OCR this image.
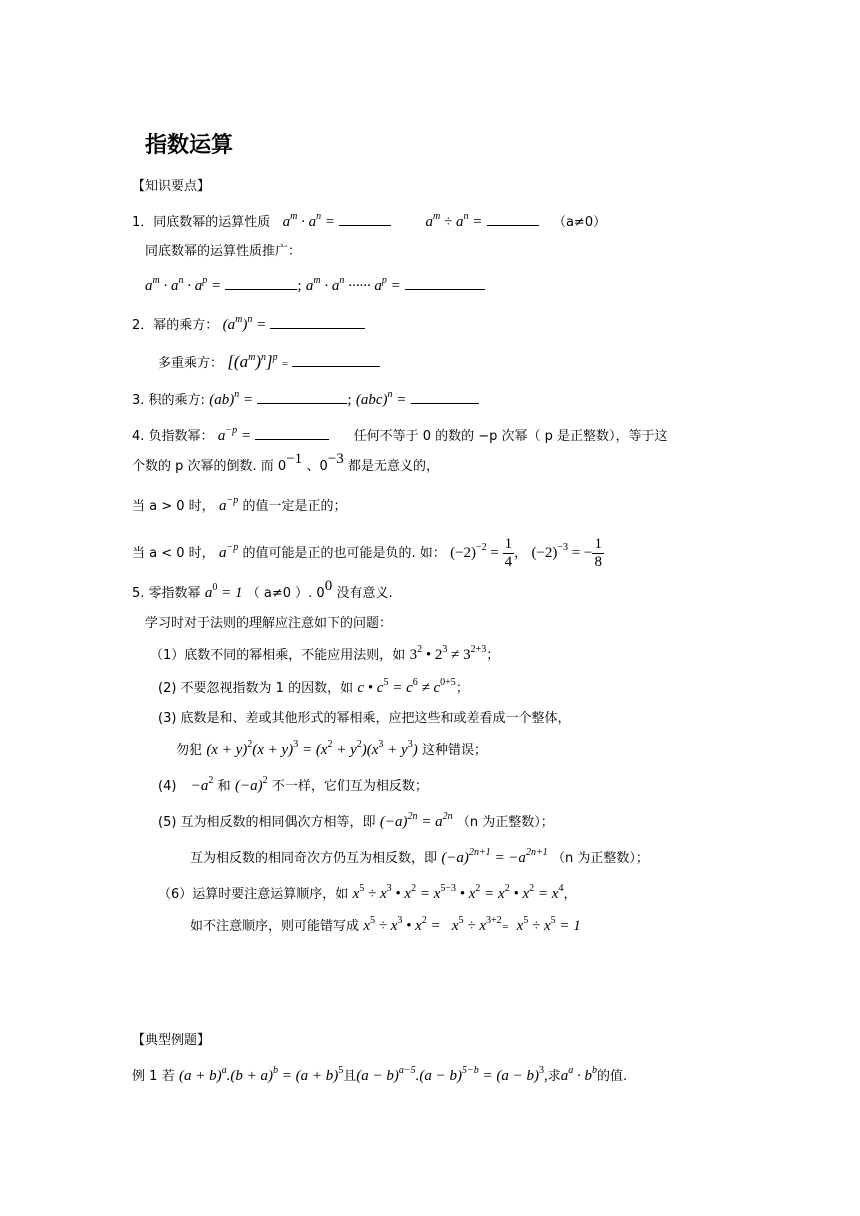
指数运算
【知识要点】
1．同底数幂的运算性质 $a^m \cdot a^n$ =	$a^m \div a^n$ =	（a≠0）
同底数幂的运算性质推广：
$a^m \cdot a^n \cdot a^p$ =	; $a^m \cdot a^n$ ······ $a^p$ =
2．幂的乘方： $(a^m)^n$ =
多重乘方： $[(a^m)^n]^p$ =
3. 积的乘方: (ab)$^n$ =	; (abc)$^n$ =
4. 负指数幂： $a^{-p}$ =	任何不等于 0 的数的 −p 次幂（ p 是正整数），等于这
个数的 p 次幂的倒数. 而 $0^{-1}$ 、$0^{-3}$ 都是无意义的，
当 a > 0 时， $a^{-p}$ 的值一定是正的；
当 a < 0 时， $a^{-p}$ 的值可能是正的也可能是负的. 如： $(-2)^{-2} = \frac{1}{4}$ ， $(-2)^{-3}$ = − $\frac{1}{8}$
5. 零指数幂 $a^0 = 1$ （ a≠0 ）. $0^0$ 没有意义.
学习时对于法则的理解应注意如下的问题：
（1）底数不同的幂相乘，不能应用法则，如 $3^2$ • $2^3 \ne 3^{2+3}$；
(2) 不要忽视指数为 1 的因数，如 c • $c^5 = c^6 \ne c^{0+5}$；
(3) 底数是和、差或其他形式的幂相乘，应把这些和或差看成一个整体，
勿犯 $(x + y)^2(x + y)^3 = (x^2 + y^2)(x^3 + y^3)$ 这种错误；
$(4) -a^2$ 和 $(-a)^2$ 不一样，它们互为相反数；
(5) 互为相反数的相同偶次方相等，即 $(-a)^{2n} = a^{2n}$ （n 为正整数）；
互为相反数的相同奇次方仍互为相反数，即 $(-a)^{2n+1} = -a^{2n+1}$ （n 为正整数）；
（6）运算时要注意运算顺序，如 $x^5 \div x^3$ • $x^2 = x^{5-3}$ • $x^2 = x^2$ • $x^2 = x^4$，
如不注意顺序，则可能错写成 $x^5 \div x^3$ • $x^2 = x^5 \div x^{3+2}= x^5 \div x^5 = 1$
【典型例题】
例 1 若 $(a + b)^a.(b + a)^b = (a + b)^5$且$(a - b)^{a-5}.(a - b)^{5-b} = (a - b)^3$,求$a^a \cdot b^b$的值.
